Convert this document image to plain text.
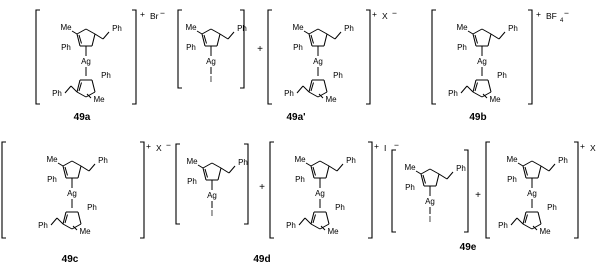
Me
Ph
Ph
Ag
Me
Ph
Ph
+ Br −
49a
Me
Ph
Ph
Ag
I
+
Me
Ph
Ph
Ag
Me
Ph
Ph
+ X −
49a'
Me
Ph
Ph
Ag
Me
Ph
Ph
+ BF 4
−
49b
Me
Ph
Ph
Ag
Me
Ph
Ph
+ X −
49c
Me
Ph
Ph
Ag
I
+
Me
Ph
Ph
Ag
Me
Ph
Ph
+ I −
49d
Me
Ph
Ph
Ag
I
+
Me
Ph
Ph
Ag
Me
Ph
Ph
+ X
49e
